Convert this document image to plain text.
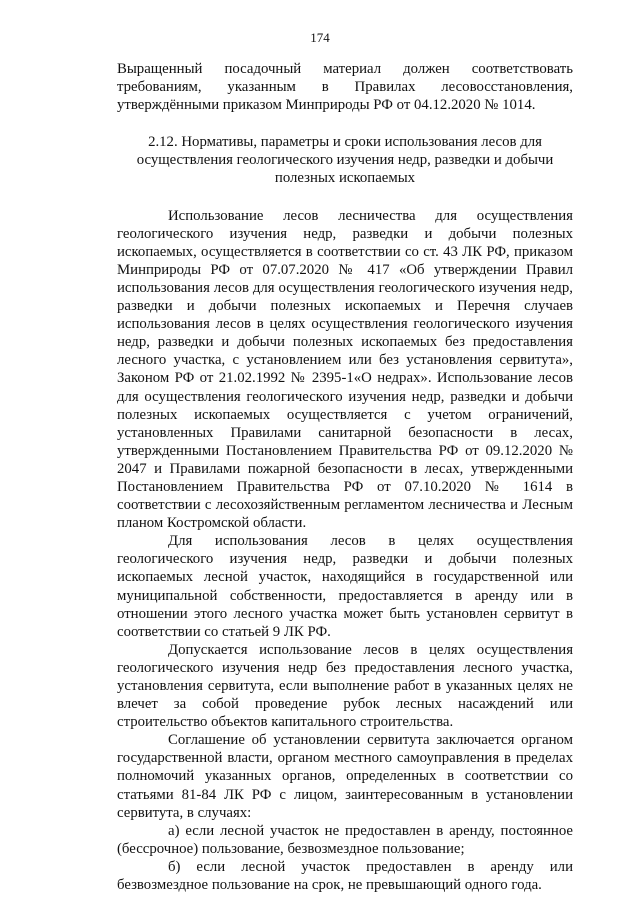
174

Выращенный посадочный материал должен соответствовать требованиям, указанным в Правилах лесовосстановления, утверждёнными приказом Минприроды РФ от 04.12.2020 № 1014.

2.12. Нормативы, параметры и сроки использования лесов для осуществления геологического изучения недр, разведки и добычи полезных ископаемых

Использование лесов лесничества для осуществления геологического изучения недр, разведки и добычи полезных ископаемых, осуществляется в соответствии со ст. 43 ЛК РФ, приказом Минприроды РФ от 07.07.2020 № 417 «Об утверждении Правил использования лесов для осуществления геологического изучения недр, разведки и добычи полезных ископаемых и Перечня случаев использования лесов в целях осуществления геологического изучения недр, разведки и добычи полезных ископаемых без предоставления лесного участка, с установлением или без установления сервитута», Законом РФ от 21.02.1992 № 2395-1«О недрах». Использование лесов для осуществления геологического изучения недр, разведки и добычи полезных ископаемых осуществляется с учетом ограничений, установленных Правилами санитарной безопасности в лесах, утвержденными Постановлением Правительства РФ от 09.12.2020 № 2047 и Правилами пожарной безопасности в лесах, утвержденными Постановлением Правительства РФ от 07.10.2020 № 1614 в соответствии с лесохозяйственным регламентом лесничества и Лесным планом Костромской области.

Для использования лесов в целях осуществления геологического изучения недр, разведки и добычи полезных ископаемых лесной участок, находящийся в государственной или муниципальной собственности, предоставляется в аренду или в отношении этого лесного участка может быть установлен сервитут в соответствии со статьей 9 ЛК РФ.

Допускается использование лесов в целях осуществления геологического изучения недр без предоставления лесного участка, установления сервитута, если выполнение работ в указанных целях не влечет за собой проведение рубок лесных насаждений или строительство объектов капитального строительства.

Соглашение об установлении сервитута заключается органом государственной власти, органом местного самоуправления в пределах полномочий указанных органов, определенных в соответствии со статьями 81-84 ЛК РФ с лицом, заинтересованным в установлении сервитута, в случаях:

а) если лесной участок не предоставлен в аренду, постоянное (бессрочное) пользование, безвозмездное пользование;

б) если лесной участок предоставлен в аренду или безвозмездное пользование на срок, не превышающий одного года.
